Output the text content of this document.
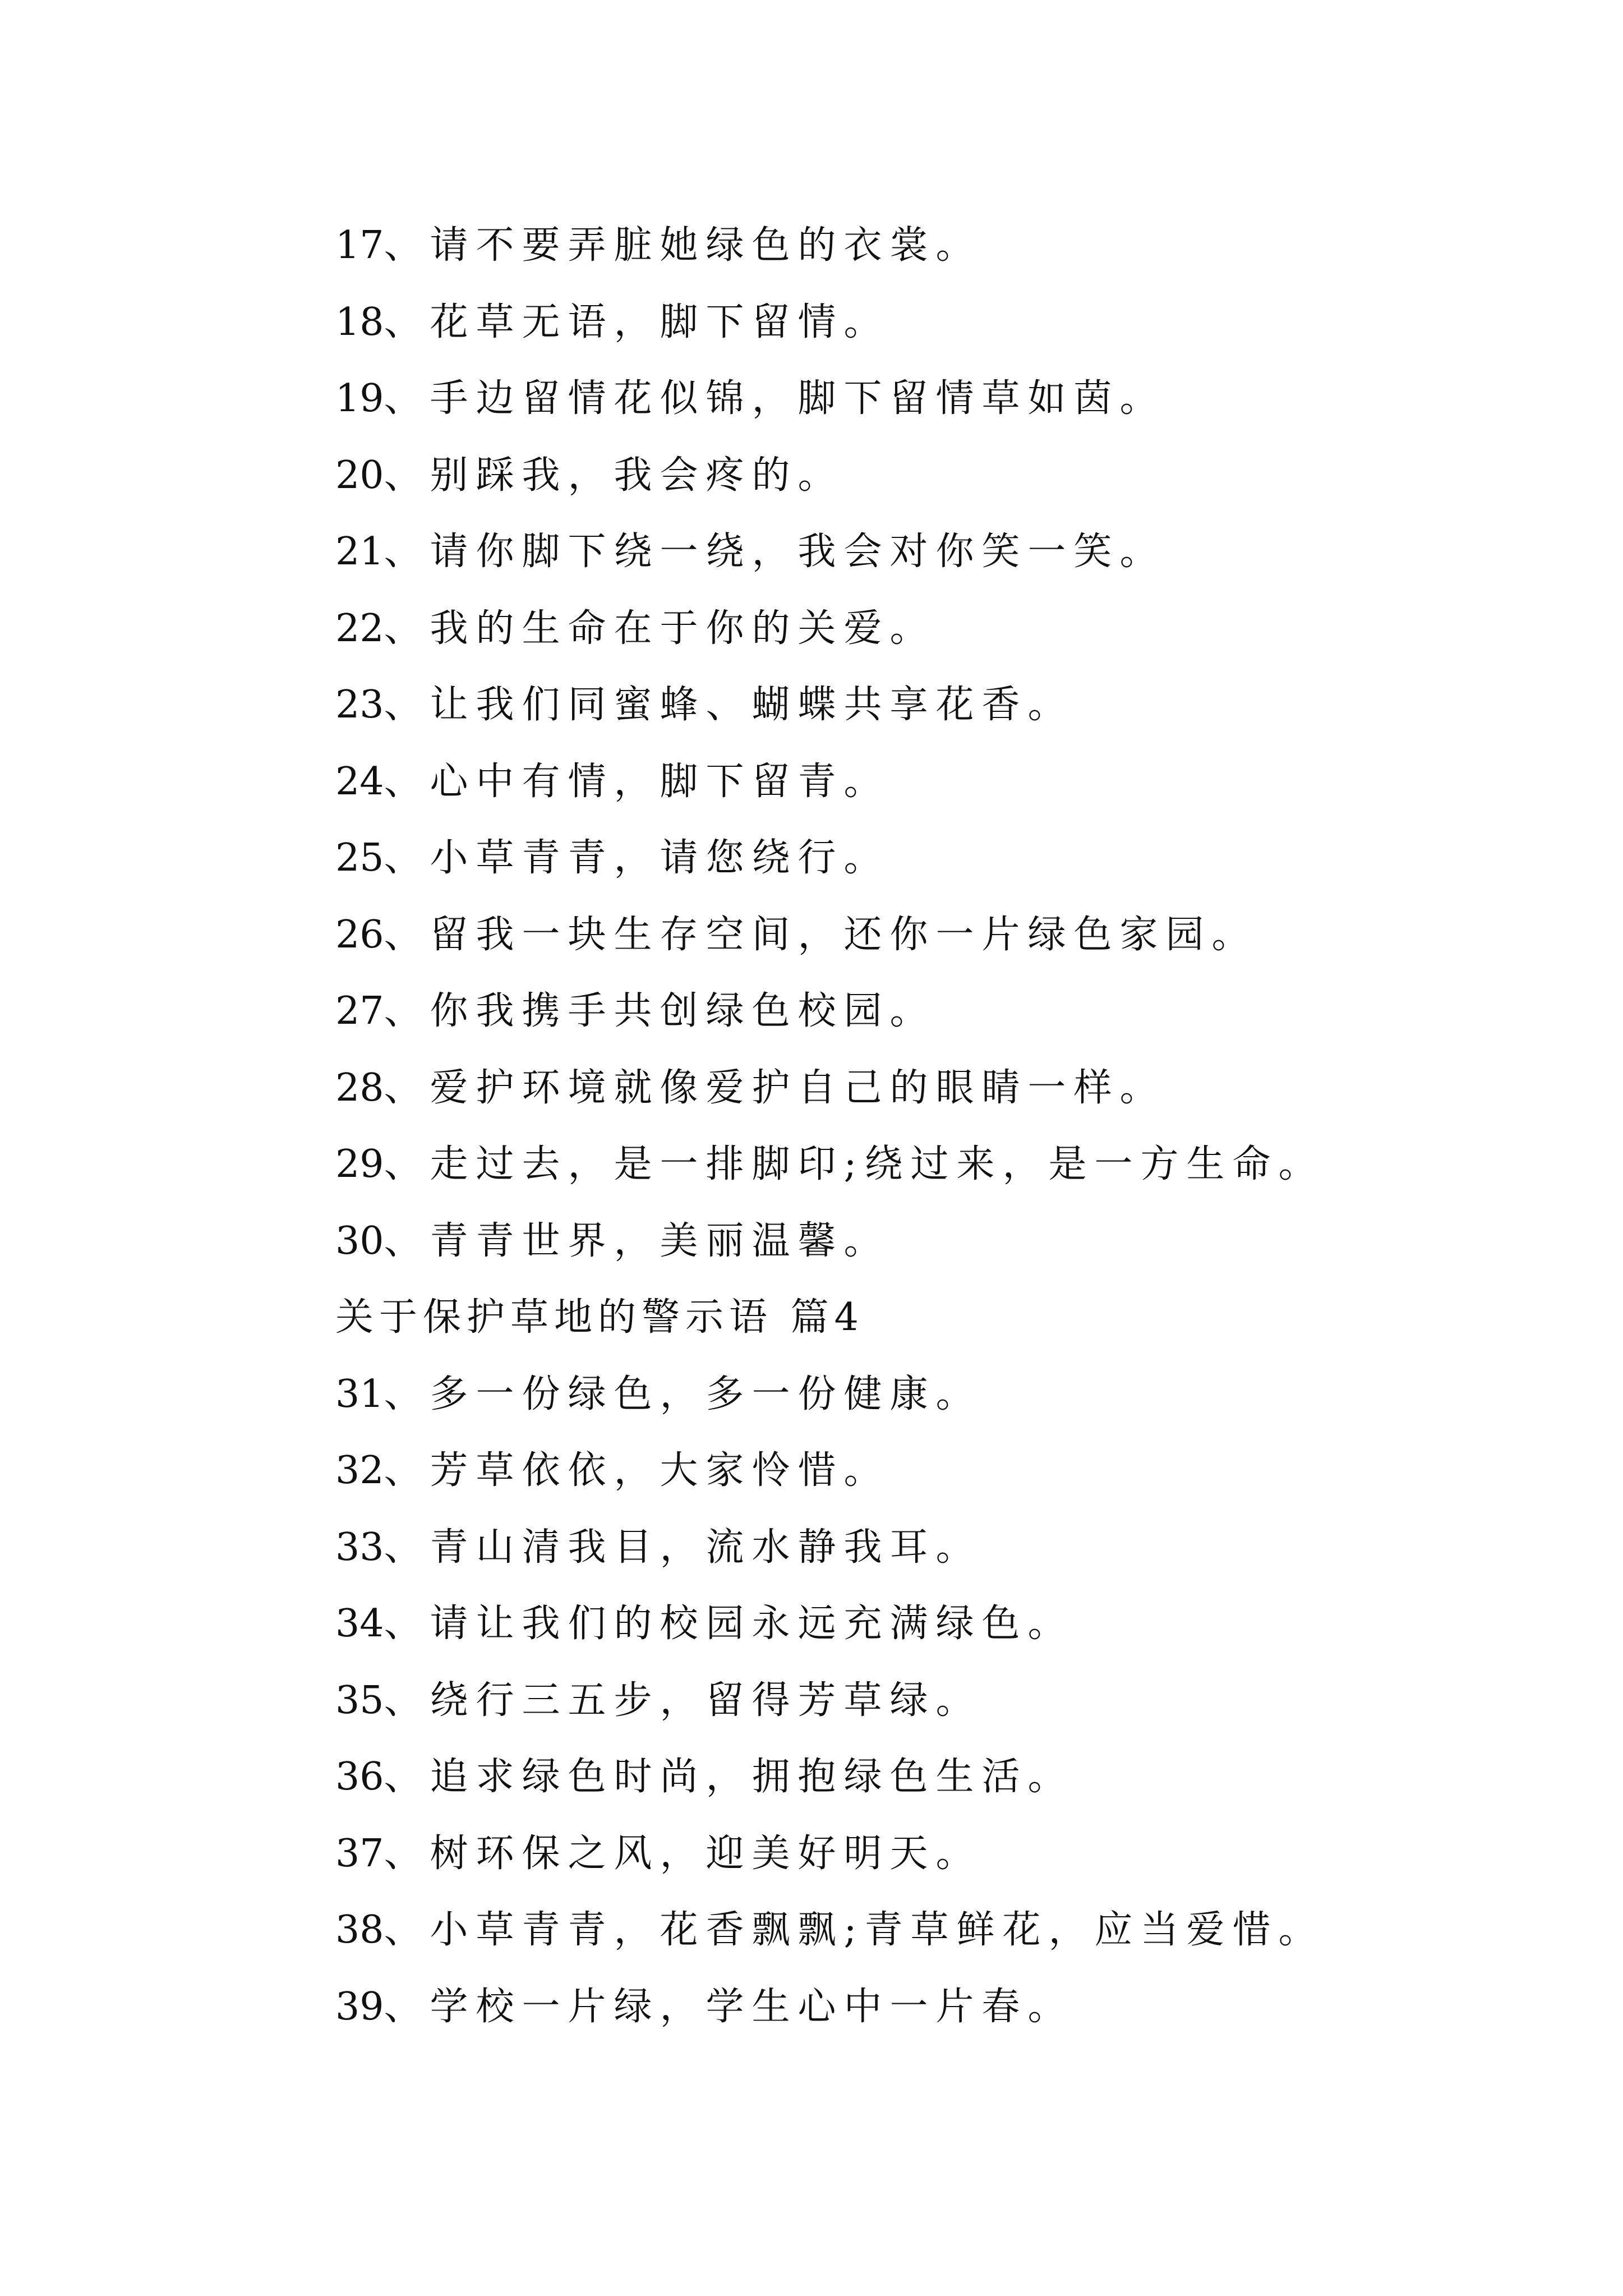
17、请不要弄脏她绿色的衣裳。
18、花草无语，脚下留情。
19、手边留情花似锦，脚下留情草如茵。
20、别踩我，我会疼的。
21、请你脚下绕一绕，我会对你笑一笑。
22、我的生命在于你的关爱。
23、让我们同蜜蜂、蝴蝶共享花香。
24、心中有情，脚下留青。
25、小草青青，请您绕行。
26、留我一块生存空间，还你一片绿色家园。
27、你我携手共创绿色校园。
28、爱护环境就像爱护自己的眼睛一样。
29、走过去，是一排脚印;绕过来，是一方生命。
30、青青世界，美丽温馨。
关于保护草地的警示语 篇4
31、多一份绿色，多一份健康。
32、芳草依依，大家怜惜。
33、青山清我目，流水静我耳。
34、请让我们的校园永远充满绿色。
35、绕行三五步，留得芳草绿。
36、追求绿色时尚，拥抱绿色生活。
37、树环保之风，迎美好明天。
38、小草青青，花香飘飘;青草鲜花，应当爱惜。
39、学校一片绿，学生心中一片春。
